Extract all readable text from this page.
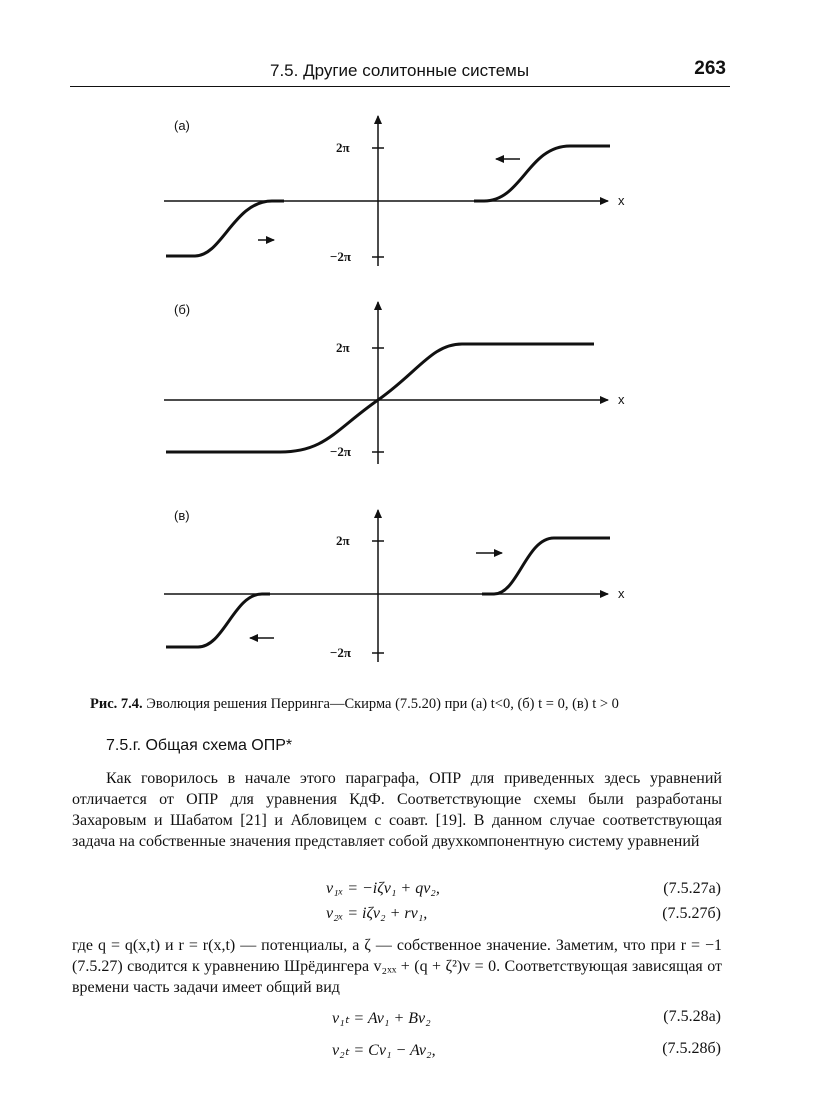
7.5. Другие солитонные системы	263
(а)
2π
−2π
x
(б)
2π
−2π
x
(в)
2π
−2π
x
Рис. 7.4. Эволюция решения Перринга—Скирма (7.5.20) при (а) t<0, (б) t = 0, (в) t > 0
7.5.г. Общая схема ОПР*

Как говорилось в начале этого параграфа, ОПР для приведенных здесь уравнений отличается от ОПР для уравнения КдФ. Соответствующие схемы были разработаны Захаровым и Шабатом [21] и Абловицем с соавт. [19]. В данном случае соответствующая задача на собственные значения представляет собой двухкомпонентную систему уравнений

v₁ₓ = −iζv₁ + qv₂,	(7.5.27а)
v₂ₓ = iζv₂ + rv₁,	(7.5.27б)

где q = q(x,t) и r = r(x,t) — потенциалы, а ζ — собственное значение. Заметим, что при r = −1 (7.5.27) сводится к уравнению Шрёдингера v₂ₓₓ + (q + ζ²)v = 0. Соответствующая зависящая от времени часть задачи имеет общий вид

v₁ₜ = Av₁ + Bv₂	(7.5.28а)
v₂ₜ = Cv₁ − Av₂,	(7.5.28б)
